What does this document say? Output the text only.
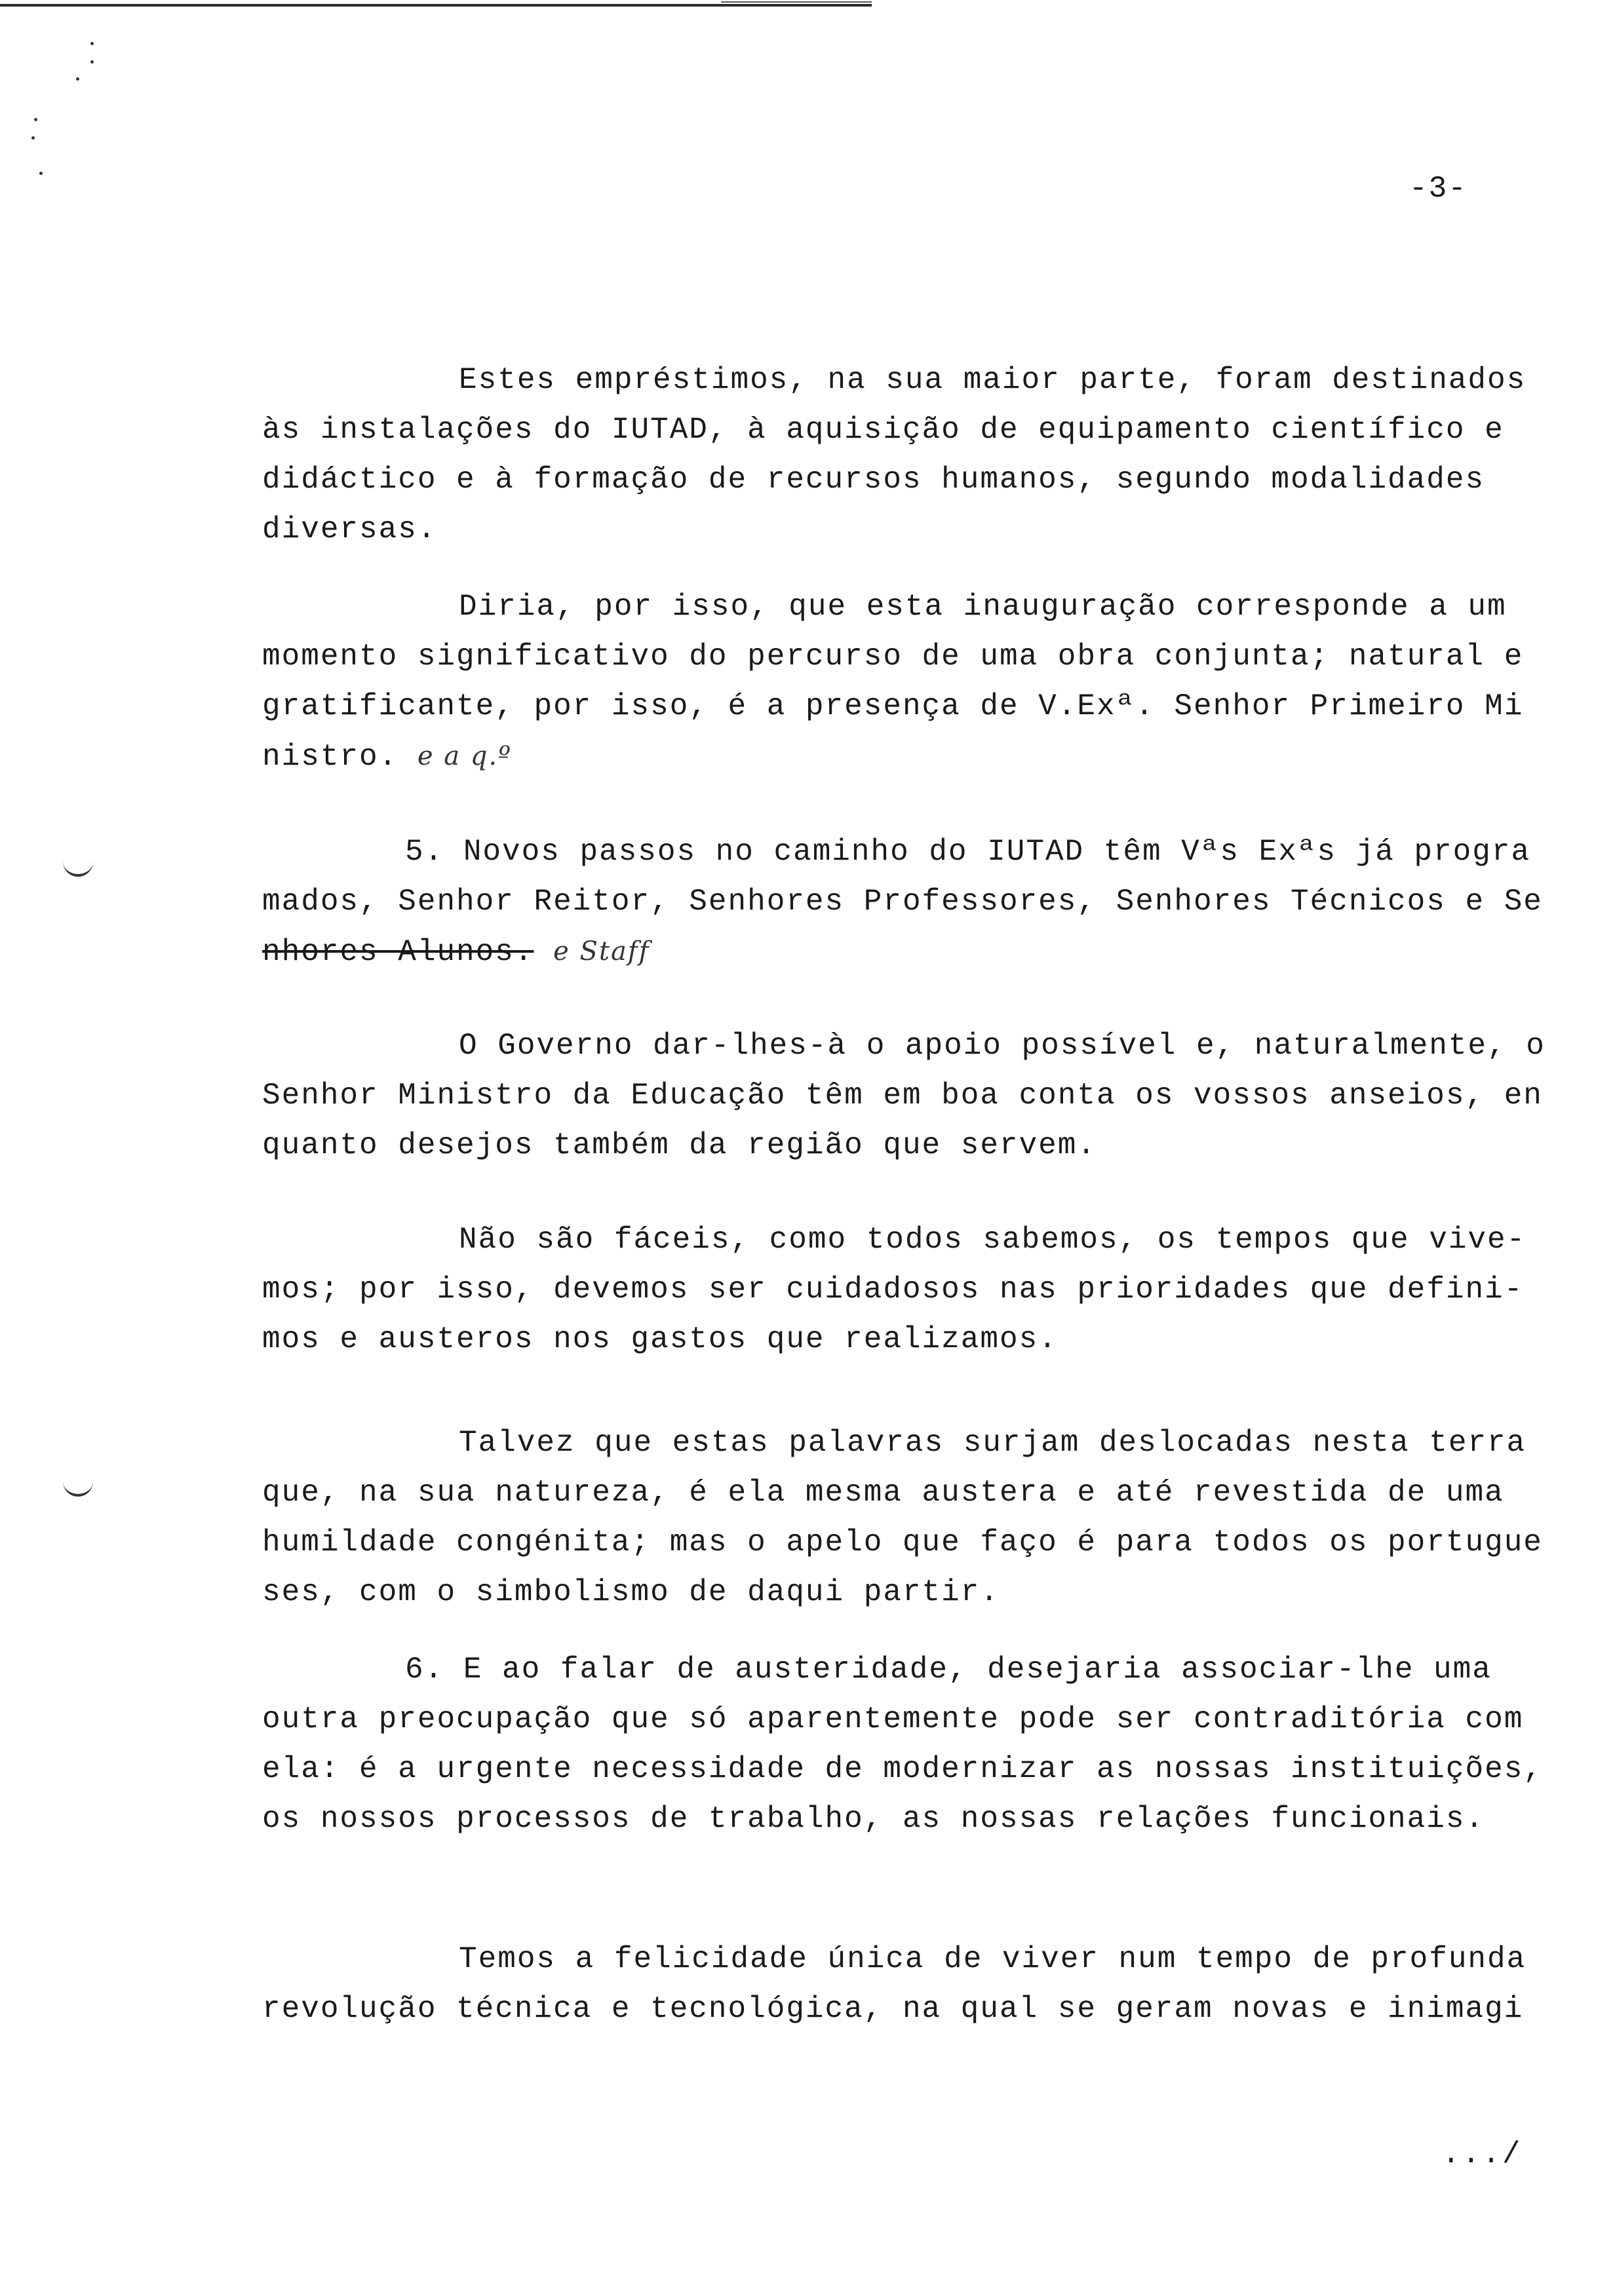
-3-
Estes empréstimos, na sua maior parte, foram destinados
às instalações do IUTAD, à aquisição de equipamento científico e
didáctico e à formação de recursos humanos, segundo modalidades
diversas.
Diria, por isso, que esta inauguração corresponde a um
momento significativo do percurso de uma obra conjunta; natural e
gratificante, por isso, é a presença de V.Exª. Senhor Primeiro Mi
nistro. e a q.º
5. Novos passos no caminho do IUTAD têm Vªs Exªs já progra
mados, Senhor Reitor, Senhores Professores, Senhores Técnicos e Se
nhores Alunos. e Staff
O Governo dar-lhes-à o apoio possível e, naturalmente, o
Senhor Ministro da Educação têm em boa conta os vossos anseios, en
quanto desejos também da região que servem.
Não são fáceis, como todos sabemos, os tempos que vive-
mos; por isso, devemos ser cuidadosos nas prioridades que defini-
mos e austeros nos gastos que realizamos.
Talvez que estas palavras surjam deslocadas nesta terra
que, na sua natureza, é ela mesma austera e até revestida de uma
humildade congénita; mas o apelo que faço é para todos os portugue
ses, com o simbolismo de daqui partir.
6. E ao falar de austeridade, desejaria associar-lhe uma
outra preocupação que só aparentemente pode ser contraditória com
ela: é a urgente necessidade de modernizar as nossas instituições,
os nossos processos de trabalho, as nossas relações funcionais.
Temos a felicidade única de viver num tempo de profunda
revolução técnica e tecnológica, na qual se geram novas e inimagi
.../
